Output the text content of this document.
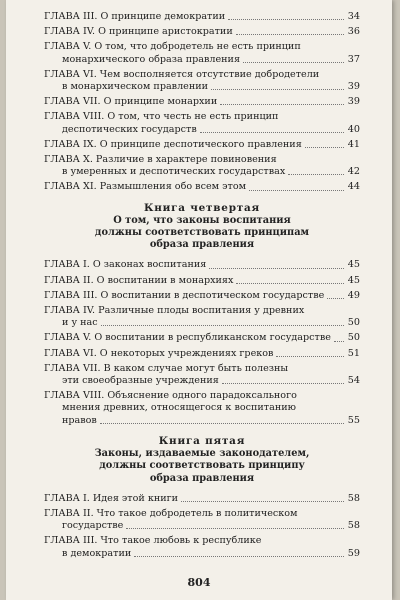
ГЛАВА III. О принципе демократии	34
ГЛАВА IV. О принципе аристократии	36
ГЛАВА V. О том, что добродетель не есть принцип
монархического образа правления	37
ГЛАВА VI. Чем восполняется отсутствие добродетели
в монархическом правлении	39
ГЛАВА VII. О принципе монархии	39
ГЛАВА VIII. О том, что честь не есть принцип
деспотических государств	40
ГЛАВА IX. О принципе деспотического правления	41
ГЛАВА X. Различие в характере повиновения
в умеренных и деспотических государствах	42
ГЛАВА XI. Размышления обо всем этом	44
Книга четвертая
О том, что законы воспитания
должны соответствовать принципам
образа правления
ГЛАВА I. О законах воспитания	45
ГЛАВА II. О воспитании в монархиях	45
ГЛАВА III. О воспитании в деспотическом государстве 49
ГЛАВА IV. Различные плоды воспитания у древних
и у нас	50
ГЛАВА V. О воспитании в республиканском государстве 50
ГЛАВА VI. О некоторых учреждениях греков	51
ГЛАВА VII. В каком случае могут быть полезны
эти своеобразные учреждения	54
ГЛАВА VIII. Объяснение одного парадоксального
мнения древних, относящегося к воспитанию
нравов	55
Книга пятая
Законы, издаваемые законодателем,
должны соответствовать принципу
образа правления
ГЛАВА I. Идея этой книги	58
ГЛАВА II. Что такое добродетель в политическом
государстве	58
ГЛАВА III. Что такое любовь к республике
в демократии	59
804
